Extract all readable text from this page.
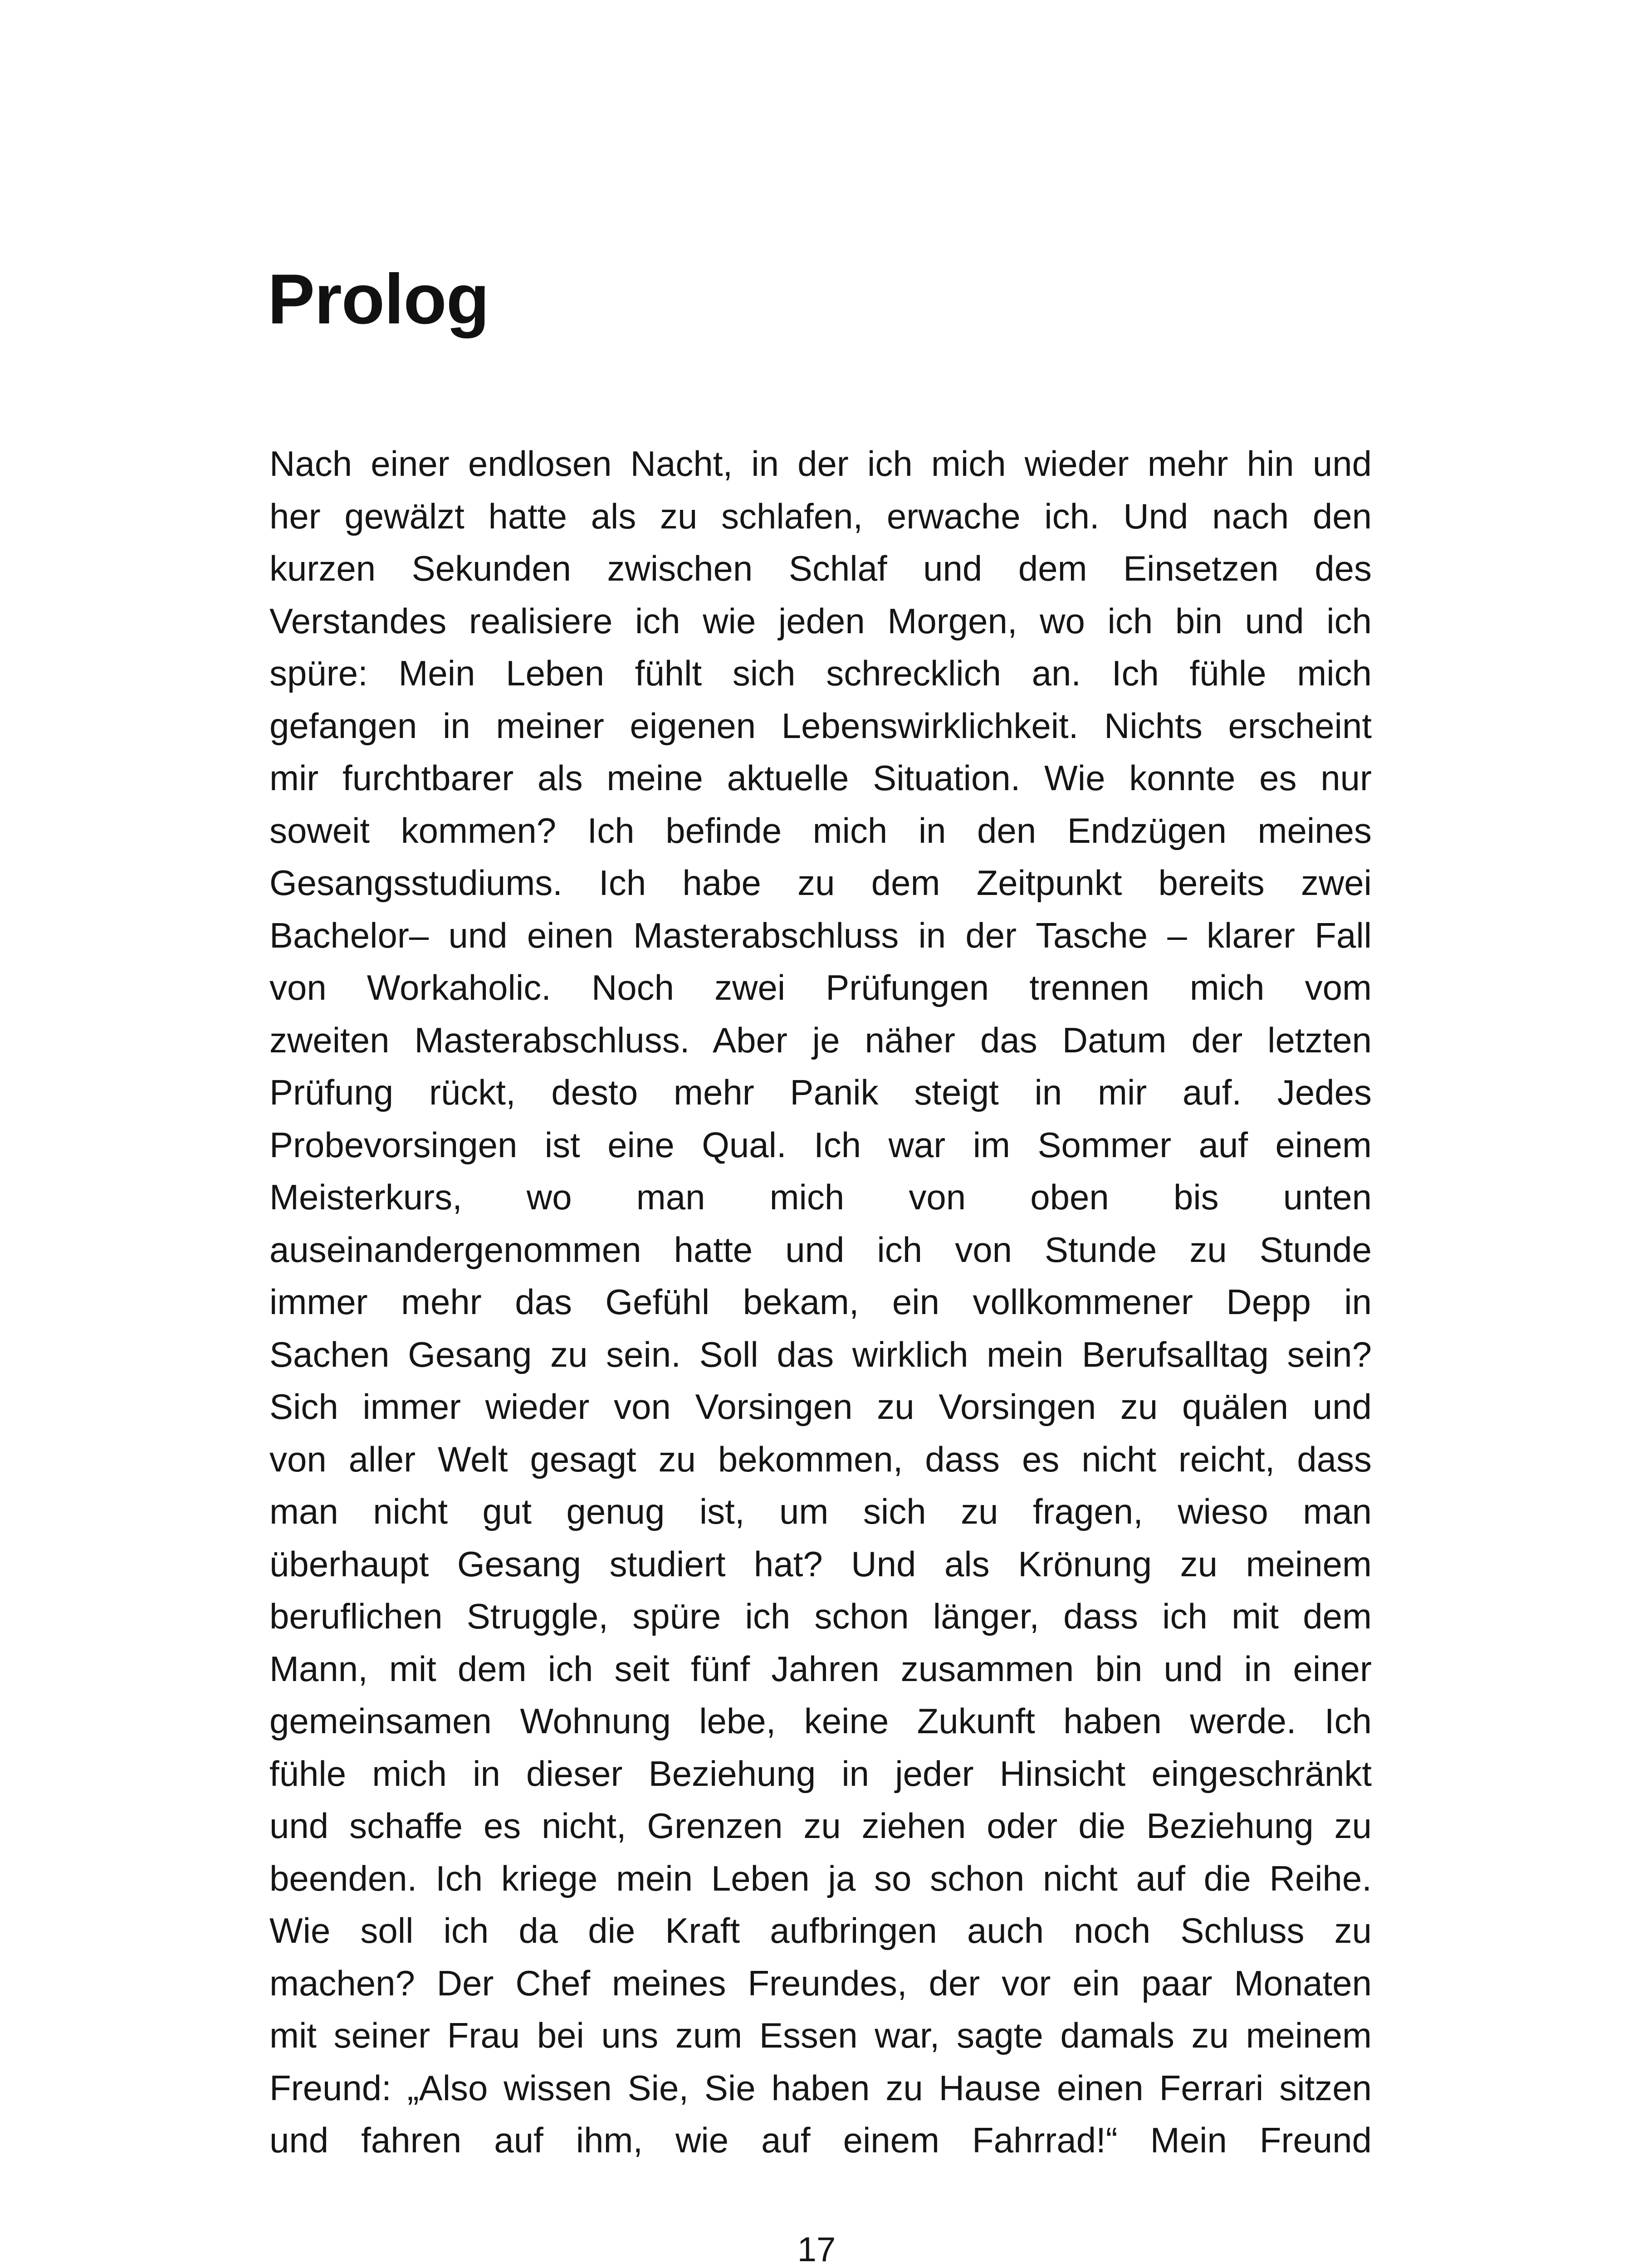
Prolog
Nach einer endlosen Nacht, in der ich mich wieder mehr hin und
her gewälzt hatte als zu schlafen, erwache ich. Und nach den
kurzen Sekunden zwischen Schlaf und dem Einsetzen des
Verstandes realisiere ich wie jeden Morgen, wo ich bin und ich
spüre: Mein Leben fühlt sich schrecklich an. Ich fühle mich
gefangen in meiner eigenen Lebenswirklichkeit. Nichts erscheint
mir furchtbarer als meine aktuelle Situation. Wie konnte es nur
soweit kommen? Ich befinde mich in den Endzügen meines
Gesangsstudiums. Ich habe zu dem Zeitpunkt bereits zwei
Bachelor– und einen Masterabschluss in der Tasche – klarer Fall
von Workaholic. Noch zwei Prüfungen trennen mich vom
zweiten Masterabschluss. Aber je näher das Datum der letzten
Prüfung rückt, desto mehr Panik steigt in mir auf. Jedes
Probevorsingen ist eine Qual. Ich war im Sommer auf einem
Meisterkurs, wo man mich von oben bis unten
auseinandergenommen hatte und ich von Stunde zu Stunde
immer mehr das Gefühl bekam, ein vollkommener Depp in
Sachen Gesang zu sein. Soll das wirklich mein Berufsalltag sein?
Sich immer wieder von Vorsingen zu Vorsingen zu quälen und
von aller Welt gesagt zu bekommen, dass es nicht reicht, dass
man nicht gut genug ist, um sich zu fragen, wieso man
überhaupt Gesang studiert hat? Und als Krönung zu meinem
beruflichen Struggle, spüre ich schon länger, dass ich mit dem
Mann, mit dem ich seit fünf Jahren zusammen bin und in einer
gemeinsamen Wohnung lebe, keine Zukunft haben werde. Ich
fühle mich in dieser Beziehung in jeder Hinsicht eingeschränkt
und schaffe es nicht, Grenzen zu ziehen oder die Beziehung zu
beenden. Ich kriege mein Leben ja so schon nicht auf die Reihe.
Wie soll ich da die Kraft aufbringen auch noch Schluss zu
machen? Der Chef meines Freundes, der vor ein paar Monaten
mit seiner Frau bei uns zum Essen war, sagte damals zu meinem
Freund: „Also wissen Sie, Sie haben zu Hause einen Ferrari sitzen
und fahren auf ihm, wie auf einem Fahrrad!“ Mein Freund
17
